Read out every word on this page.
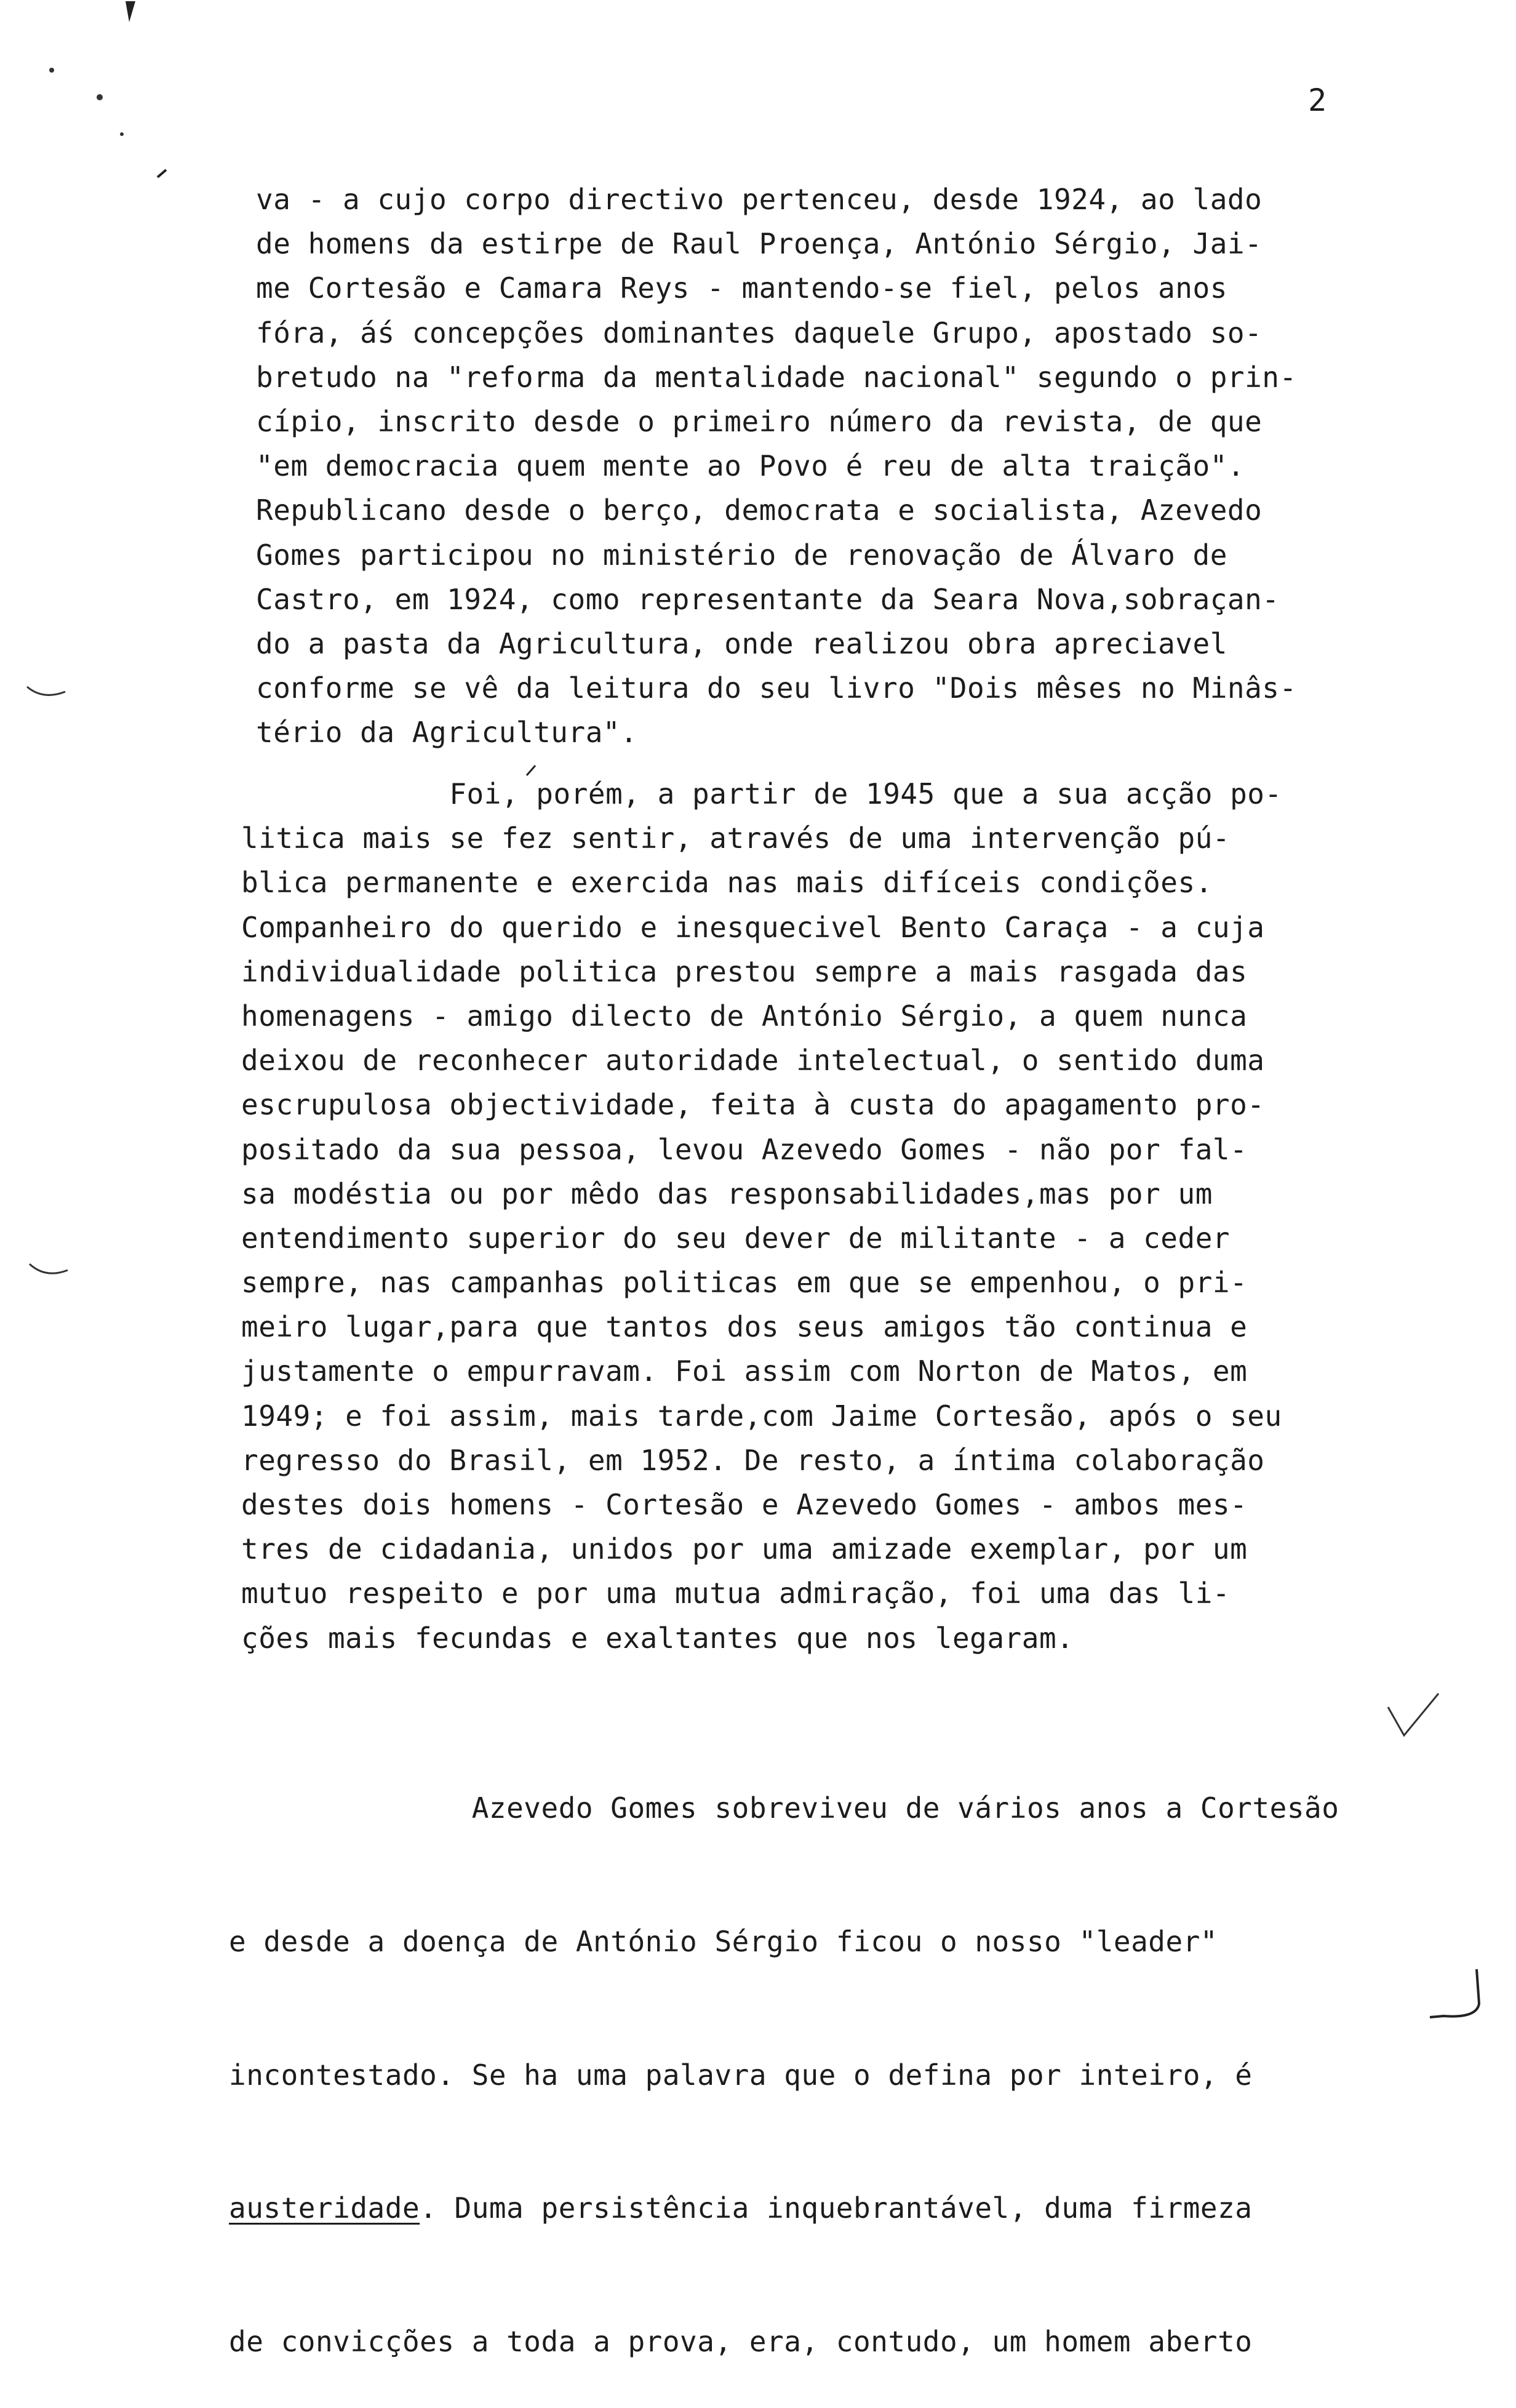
2
va - a cujo corpo directivo pertenceu, desde 1924, ao lado
de homens da estirpe de Raul Proença, António Sérgio, Jai-
me Cortesão e Camara Reys - mantendo-se fiel, pelos anos
fóra, áś concepções dominantes daquele Grupo, apostado so-
bretudo na "reforma da mentalidade nacional" segundo o prin-
cípio, inscrito desde o primeiro número da revista, de que
"em democracia quem mente ao Povo é reu de alta traição".
Republicano desde o berço, democrata e socialista, Azevedo
Gomes participou no ministério de renovação de Álvaro de
Castro, em 1924, como representante da Seara Nova,sobraçan-
do a pasta da Agricultura, onde realizou obra apreciavel
conforme se vê da leitura do seu livro "Dois mêses no Minâs-
tério da Agricultura".
Foi, porém, a partir de 1945 que a sua acção po-
litica mais se fez sentir, através de uma intervenção pú-
blica permanente e exercida nas mais difíceis condições.
Companheiro do querido e inesquecivel Bento Caraça - a cuja
individualidade politica prestou sempre a mais rasgada das
homenagens - amigo dilecto de António Sérgio, a quem nunca
deixou de reconhecer autoridade intelectual, o sentido duma
escrupulosa objectividade, feita à custa do apagamento pro-
positado da sua pessoa, levou Azevedo Gomes - não por fal-
sa modéstia ou por mêdo das responsabilidades,mas por um
entendimento superior do seu dever de militante - a ceder
sempre, nas campanhas politicas em que se empenhou, o pri-
meiro lugar,para que tantos dos seus amigos tão continua e
justamente o empurravam. Foi assim com Norton de Matos, em
1949; e foi assim, mais tarde,com Jaime Cortesão, após o seu
regresso do Brasil, em 1952. De resto, a íntima colaboração
destes dois homens - Cortesão e Azevedo Gomes - ambos mes-
tres de cidadania, unidos por uma amizade exemplar, por um
mutuo respeito e por uma mutua admiração, foi uma das li-
ções mais fecundas e exaltantes que nos legaram.

Azevedo Gomes sobreviveu de vários anos a Cortesão

e desde a doença de António Sérgio ficou o nosso "leader"

incontestado. Se ha uma palavra que o defina por inteiro, é

austeridade. Duma persistência inquebrantável, duma firmeza

de convicções a toda a prova, era, contudo, um homem aberto
